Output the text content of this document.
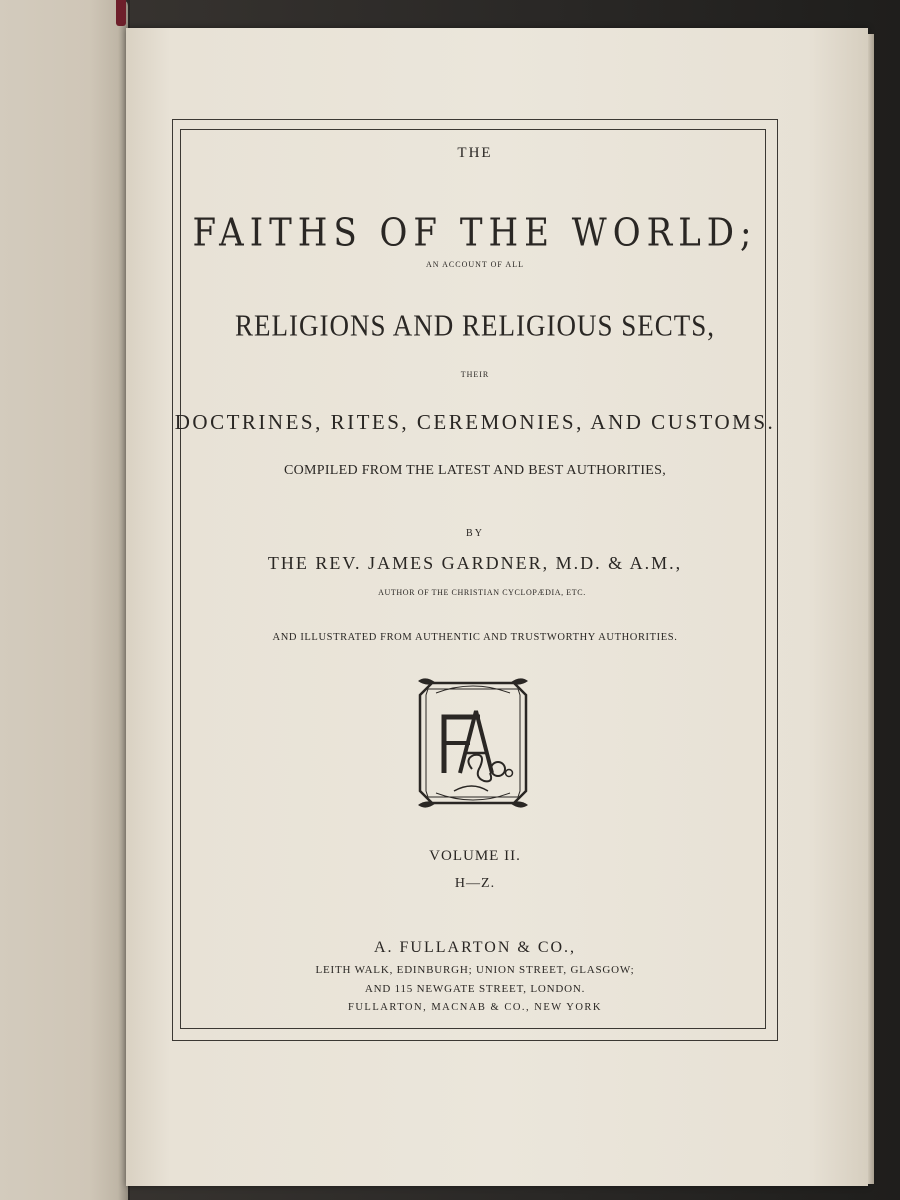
THE
FAITHS OF THE WORLD;
AN ACCOUNT OF ALL
RELIGIONS AND RELIGIOUS SECTS,
THEIR
DOCTRINES, RITES, CEREMONIES, AND CUSTOMS.
COMPILED FROM THE LATEST AND BEST AUTHORITIES,
BY
THE REV. JAMES GARDNER, M.D. & A.M.,
AUTHOR OF THE CHRISTIAN CYCLOPÆDIA, ETC.
AND ILLUSTRATED FROM AUTHENTIC AND TRUSTWORTHY AUTHORITIES.
VOLUME II.
H—Z.
A. FULLARTON & CO.,
LEITH WALK, EDINBURGH; UNION STREET, GLASGOW;
AND 115 NEWGATE STREET, LONDON.
FULLARTON, MACNAB & CO., NEW YORK
